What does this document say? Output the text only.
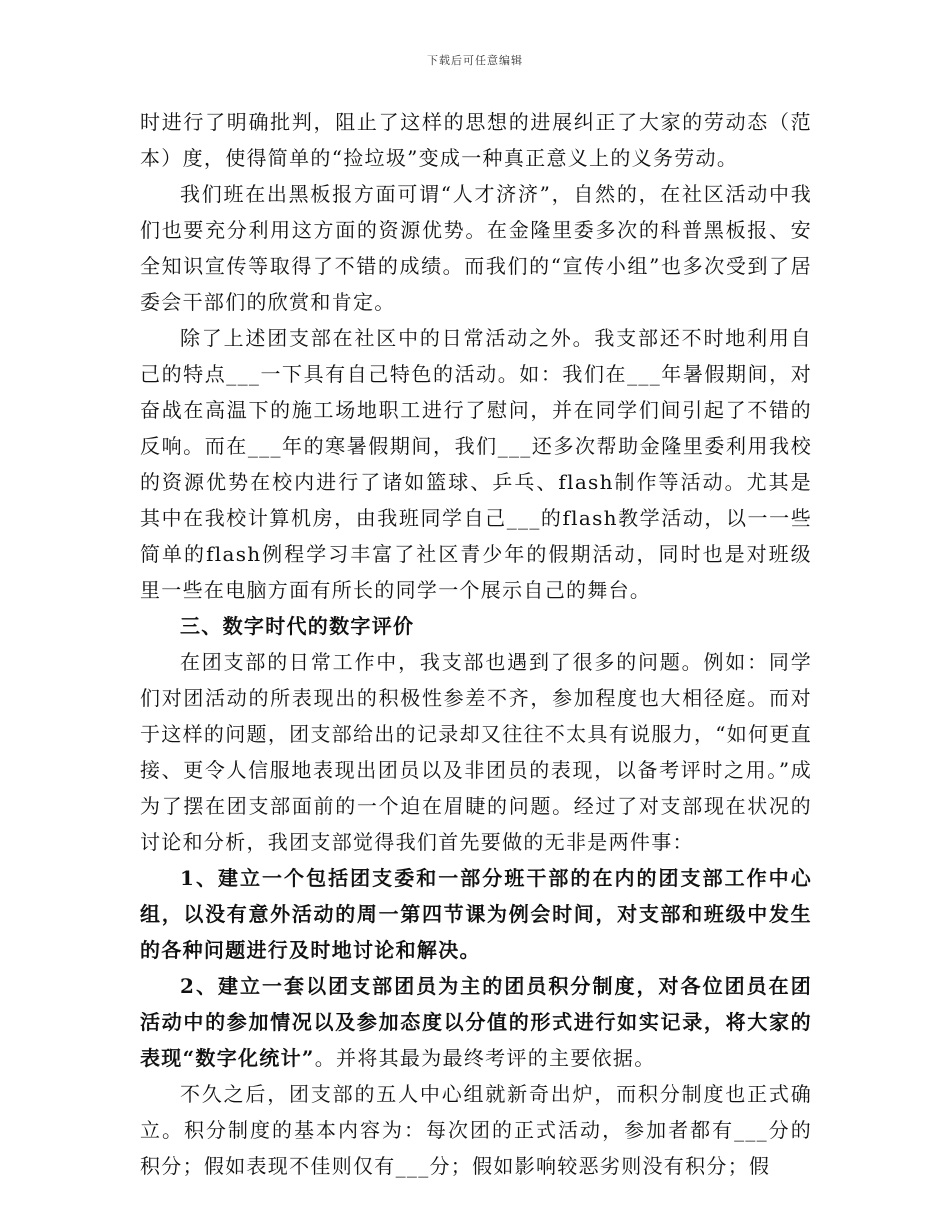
下载后可任意编辑

时进行了明确批判，阻止了这样的思想的进展纠正了大家的劳动态（范本）度，使得简单的“捡垃圾”变成一种真正意义上的义务劳动。

我们班在出黑板报方面可谓“人才济济”，自然的，在社区活动中我们也要充分利用这方面的资源优势。在金隆里委多次的科普黑板报、安全知识宣传等取得了不错的成绩。而我们的“宣传小组”也多次受到了居委会干部们的欣赏和肯定。

除了上述团支部在社区中的日常活动之外。我支部还不时地利用自己的特点___一下具有自己特色的活动。如：我们在___年暑假期间，对奋战在高温下的施工场地职工进行了慰问，并在同学们间引起了不错的反响。而在___年的寒暑假期间，我们___还多次帮助金隆里委利用我校的资源优势在校内进行了诸如篮球、乒乓、flash制作等活动。尤其是其中在我校计算机房，由我班同学自己___的flash教学活动，以一一些简单的flash例程学习丰富了社区青少年的假期活动，同时也是对班级里一些在电脑方面有所长的同学一个展示自己的舞台。

三、数字时代的数字评价

在团支部的日常工作中，我支部也遇到了很多的问题。例如：同学们对团活动的所表现出的积极性参差不齐，参加程度也大相径庭。而对于这样的问题，团支部给出的记录却又往往不太具有说服力，“如何更直接、更令人信服地表现出团员以及非团员的表现，以备考评时之用。”成为了摆在团支部面前的一个迫在眉睫的问题。经过了对支部现在状况的讨论和分析，我团支部觉得我们首先要做的无非是两件事：

1、建立一个包括团支委和一部分班干部的在内的团支部工作中心组，以没有意外活动的周一第四节课为例会时间，对支部和班级中发生的各种问题进行及时地讨论和解决。

2、建立一套以团支部团员为主的团员积分制度，对各位团员在团活动中的参加情况以及参加态度以分值的形式进行如实记录，将大家的表现“数字化统计”。并将其最为最终考评的主要依据。

不久之后，团支部的五人中心组就新奇出炉，而积分制度也正式确立。积分制度的基本内容为：每次团的正式活动，参加者都有___分的积分；假如表现不佳则仅有___分；假如影响较恶劣则没有积分；假
